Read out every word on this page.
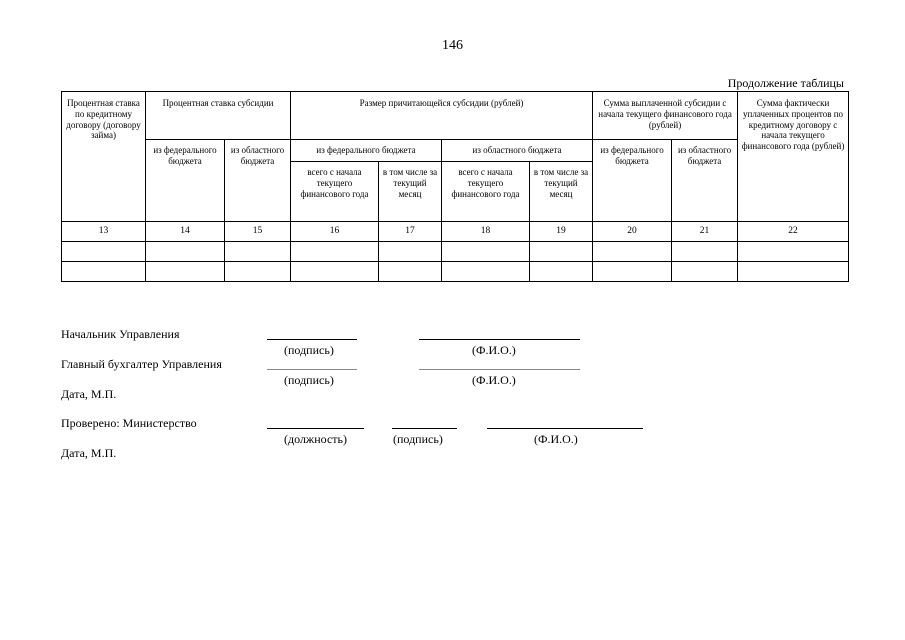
146
Продолжение таблицы
Процентная ставка по кредитному договору (договору займа)	Процентная ставка субсидии		Размер причитающейся субсидии (рублей)				Сумма выплаченной субсидии с начала текущего финансового года (рублей)		Сумма фактически уплаченных процентов по кредитному договору с начала текущего финансового года (рублей)
	из федерального бюджета	из областного бюджета	из федерального бюджета		из областного бюджета		из федерального бюджета	из областного бюджета	
			всего с начала текущего финансового года	в том числе за текущий месяц	всего с начала текущего финансового года	в том числе за текущий месяц			
13	14	15	16	17	18	19	20	21	22

Начальник Управления
(подпись)	(Ф.И.О.)
Главный бухгалтер Управления
(подпись)	(Ф.И.О.)
Дата, М.П.
Проверено: Министерство
(должность)	(подпись)	(Ф.И.О.)
Дата, М.П.
